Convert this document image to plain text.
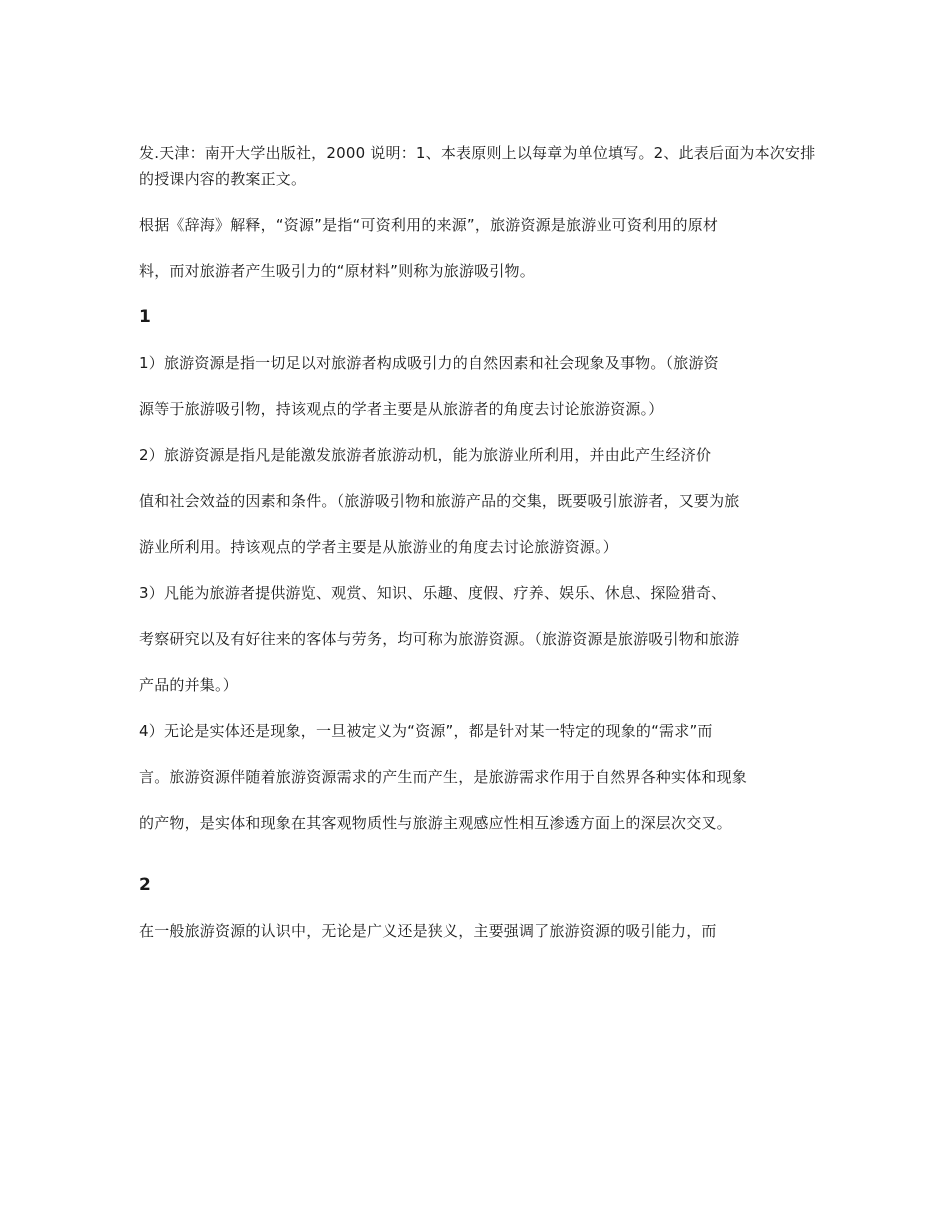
发.天津：南开大学出版社，2000 说明：1、本表原则上以每章为单位填写。2、此表后面为本次安排的授课内容的教案正文。

根据《辞海》解释，“资源”是指“可资利用的来源”，旅游资源是旅游业可资利用的原材

料，而对旅游者产生吸引力的“原材料”则称为旅游吸引物。

1

1）旅游资源是指一切足以对旅游者构成吸引力的自然因素和社会现象及事物。（旅游资

源等于旅游吸引物，持该观点的学者主要是从旅游者的角度去讨论旅游资源。）

2）旅游资源是指凡是能激发旅游者旅游动机，能为旅游业所利用，并由此产生经济价

值和社会效益的因素和条件。（旅游吸引物和旅游产品的交集，既要吸引旅游者，又要为旅

游业所利用。持该观点的学者主要是从旅游业的角度去讨论旅游资源。）

3）凡能为旅游者提供游览、观赏、知识、乐趣、度假、疗养、娱乐、休息、探险猎奇、

考察研究以及有好往来的客体与劳务，均可称为旅游资源。（旅游资源是旅游吸引物和旅游

产品的并集。）

4）无论是实体还是现象，一旦被定义为“资源”，都是针对某一特定的现象的“需求”而

言。旅游资源伴随着旅游资源需求的产生而产生，是旅游需求作用于自然界各种实体和现象

的产物，是实体和现象在其客观物质性与旅游主观感应性相互渗透方面上的深层次交叉。

2

在一般旅游资源的认识中，无论是广义还是狭义，主要强调了旅游资源的吸引能力，而
